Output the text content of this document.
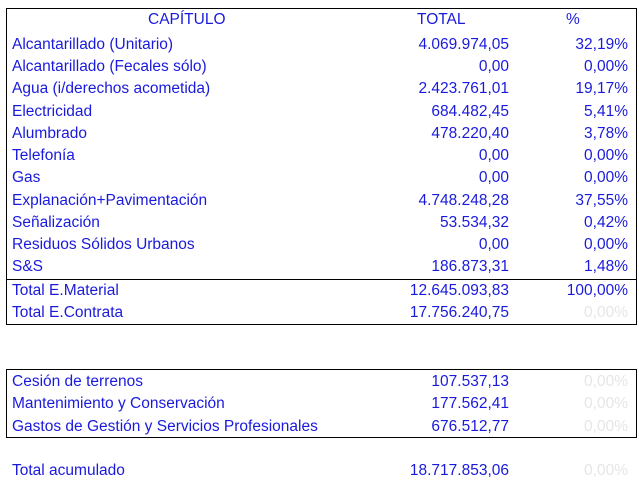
CAPÍTULO	TOTAL	%
Alcantarillado (Unitario)	4.069.974,05	32,19%
Alcantarillado (Fecales sólo)	0,00	0,00%
Agua (i/derechos acometida)	2.423.761,01	19,17%
Electricidad	684.482,45	5,41%
Alumbrado	478.220,40	3,78%
Telefonía	0,00	0,00%
Gas	0,00	0,00%
Explanación+Pavimentación	4.748.248,28	37,55%
Señalización	53.534,32	0,42%
Residuos Sólidos Urbanos	0,00	0,00%
S&S	186.873,31	1,48%
Total E.Material	12.645.093,83	100,00%
Total E.Contrata	17.756.240,75	0,00%
Cesión de terrenos	107.537,13	0,00%
Mantenimiento y Conservación	177.562,41	0,00%
Gastos de Gestión y Servicios Profesionales	676.512,77	0,00%
Total acumulado	18.717.853,06	0,00%
